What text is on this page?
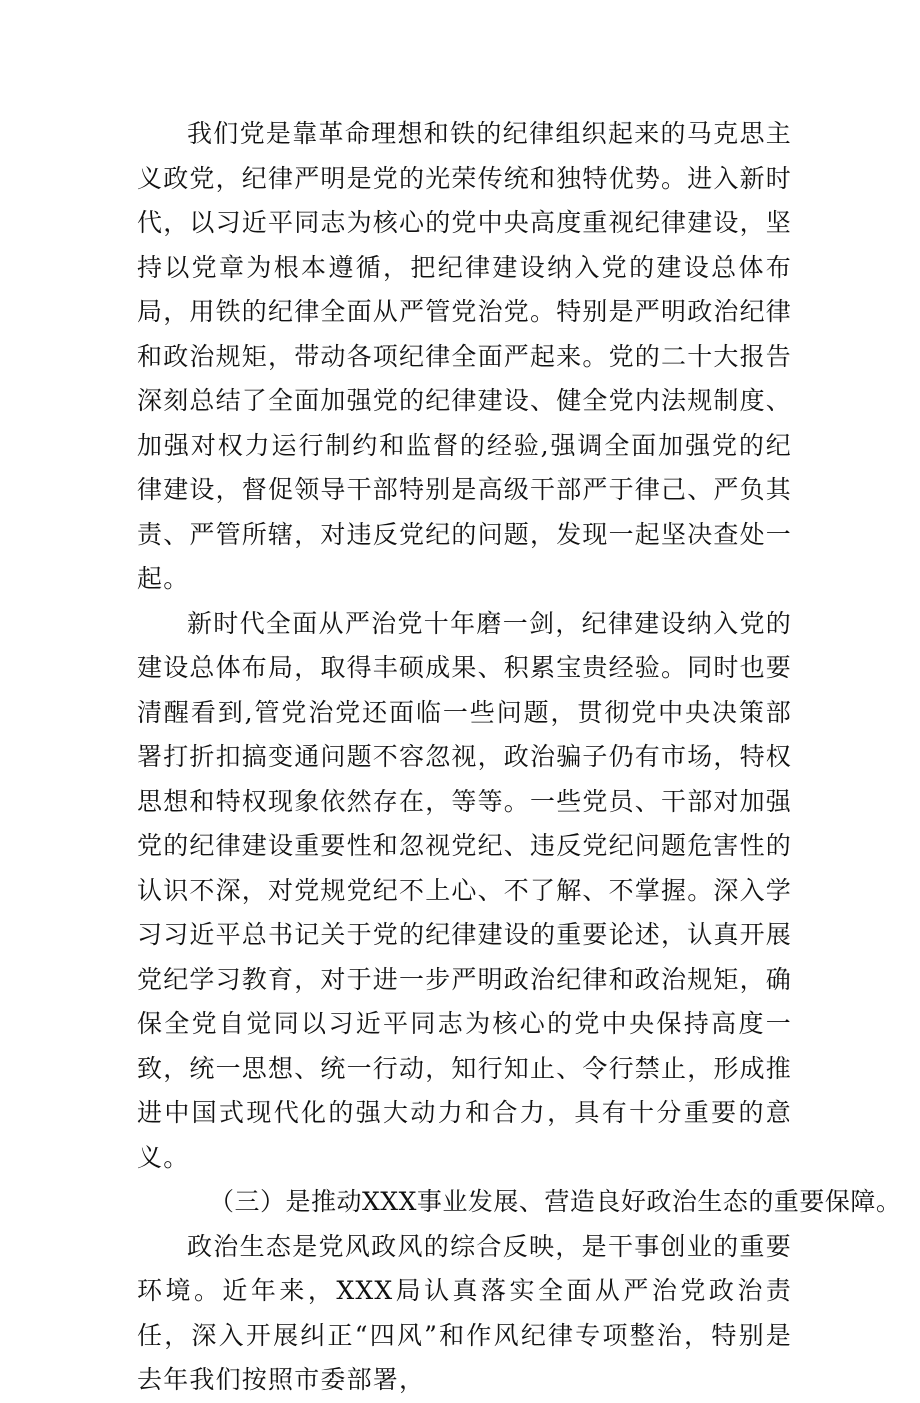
我们党是靠革命理想和铁的纪律组织起来的马克思主义政党，纪律严明是党的光荣传统和独特优势。进入新时代，以习近平同志为核心的党中央高度重视纪律建设，坚持以党章为根本遵循，把纪律建设纳入党的建设总体布局，用铁的纪律全面从严管党治党。特别是严明政治纪律和政治规矩，带动各项纪律全面严起来。党的二十大报告深刻总结了全面加强党的纪律建设、健全党内法规制度、加强对权力运行制约和监督的经验,强调全面加强党的纪律建设，督促领导干部特别是高级干部严于律己、严负其责、严管所辖，对违反党纪的问题，发现一起坚决查处一起。

新时代全面从严治党十年磨一剑，纪律建设纳入党的建设总体布局，取得丰硕成果、积累宝贵经验。同时也要清醒看到,管党治党还面临一些问题，贯彻党中央决策部署打折扣搞变通问题不容忽视，政治骗子仍有市场，特权思想和特权现象依然存在，等等。一些党员、干部对加强党的纪律建设重要性和忽视党纪、违反党纪问题危害性的认识不深，对党规党纪不上心、不了解、不掌握。深入学习习近平总书记关于党的纪律建设的重要论述，认真开展党纪学习教育，对于进一步严明政治纪律和政治规矩，确保全党自觉同以习近平同志为核心的党中央保持高度一致，统一思想、统一行动，知行知止、令行禁止，形成推进中国式现代化的强大动力和合力，具有十分重要的意义。

（三）是推动XXX事业发展、营造良好政治生态的重要保障。

政治生态是党风政风的综合反映，是干事创业的重要环境。近年来，XXX局认真落实全面从严治党政治责任，深入开展纠正“四风”和作风纪律专项整治，特别是去年我们按照市委部署，
